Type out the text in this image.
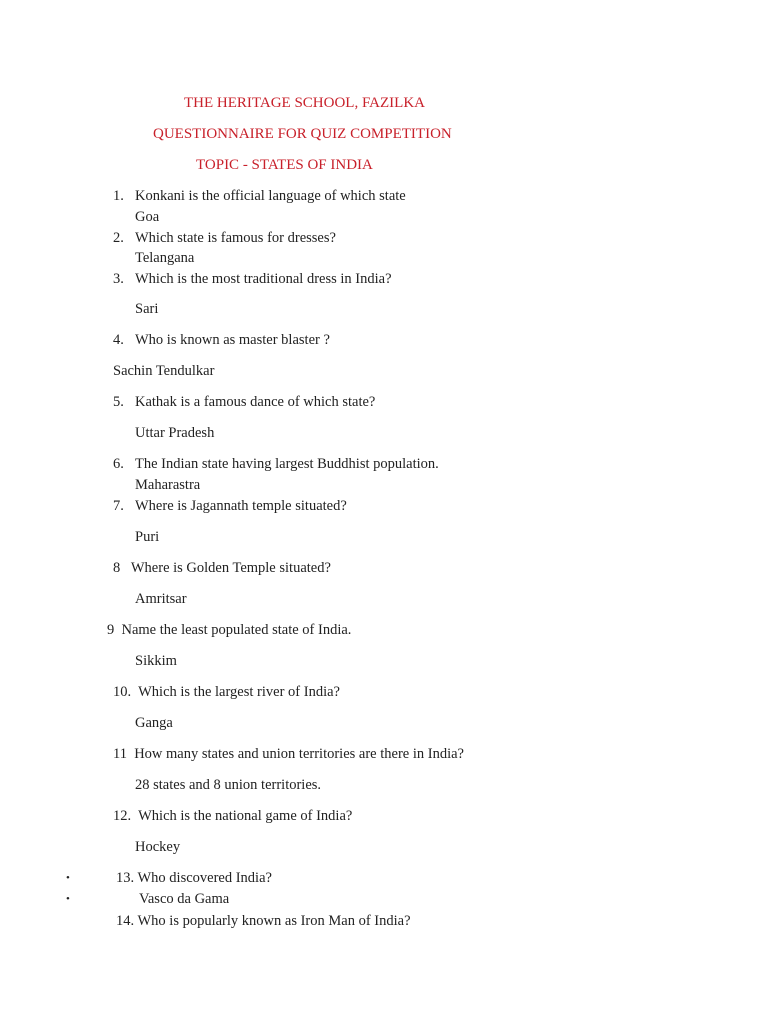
THE HERITAGE SCHOOL, FAZILKA
QUESTIONNAIRE FOR QUIZ COMPETITION
TOPIC - STATES OF INDIA
1. Konkani is the official language of which state
Goa
2. Which state is famous for dresses?
Telangana
3. Which is the most traditional dress in India?
Sari
4. Who is known as master blaster ?
Sachin Tendulkar
5. Kathak is a famous dance of which state?
Uttar Pradesh
6. The Indian state having largest Buddhist population.
Maharastra
7. Where is Jagannath temple situated?
Puri
8   Where is Golden Temple situated?
Amritsar
9  Name the least populated state of India.
Sikkim
10.  Which is the largest river of India?
Ganga
11  How many states and union territories are there in India?
28 states and 8 union territories.
12.  Which is the national game of India?
Hockey
•	13. Who discovered India?
•	Vasco da Gama
14. Who is popularly known as Iron Man of India?
